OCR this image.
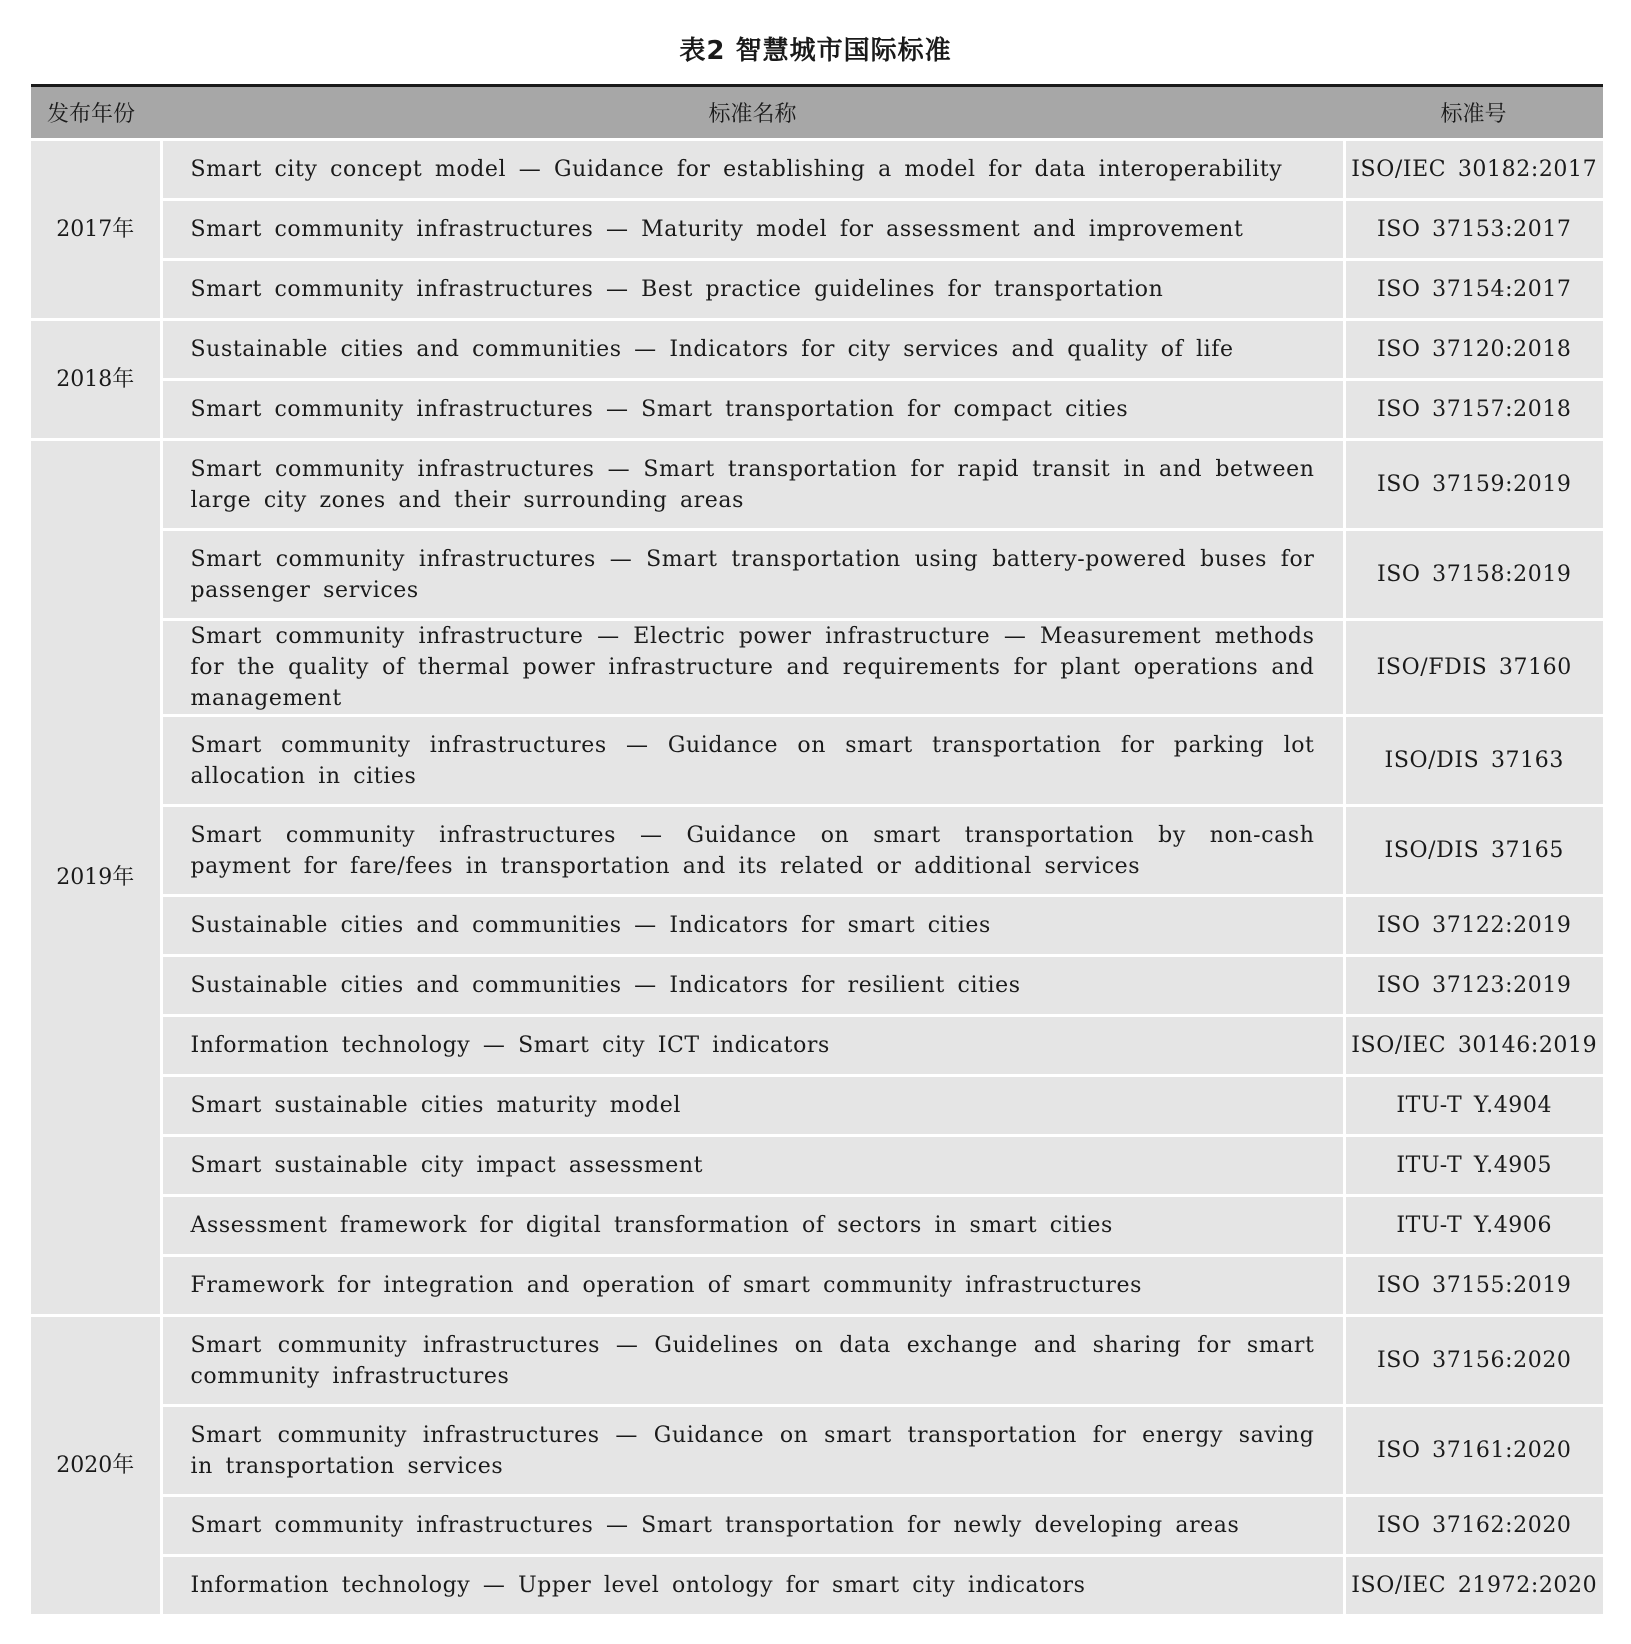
表2 智慧城市国际标准
发布年份	标准名称	标准号
2017年	Smart city concept model — Guidance for establishing a model for data interoperability	ISO/IEC 30182:2017
	Smart community infrastructures — Maturity model for assessment and improvement	ISO 37153:2017
	Smart community infrastructures — Best practice guidelines for transportation	ISO 37154:2017
2018年	Sustainable cities and communities — Indicators for city services and quality of life	ISO 37120:2018
	Smart community infrastructures — Smart transportation for compact cities	ISO 37157:2018
2019年	Smart community infrastructures — Smart transportation for rapid transit in and between large city zones and their surrounding areas	ISO 37159:2019
	Smart community infrastructures — Smart transportation using battery-powered buses for passenger services	ISO 37158:2019
	Smart community infrastructure — Electric power infrastructure — Measurement methods for the quality of thermal power infrastructure and requirements for plant operations and management	ISO/FDIS 37160
	Smart community infrastructures — Guidance on smart transportation for parking lot allocation in cities	ISO/DIS 37163
	Smart community infrastructures — Guidance on smart transportation by non-cash payment for fare/fees in transportation and its related or additional services	ISO/DIS 37165
	Sustainable cities and communities — Indicators for smart cities	ISO 37122:2019
	Sustainable cities and communities — Indicators for resilient cities	ISO 37123:2019
	Information technology — Smart city ICT indicators	ISO/IEC 30146:2019
	Smart sustainable cities maturity model	ITU-T Y.4904
	Smart sustainable city impact assessment	ITU-T Y.4905
	Assessment framework for digital transformation of sectors in smart cities	ITU-T Y.4906
	Framework for integration and operation of smart community infrastructures	ISO 37155:2019
2020年	Smart community infrastructures — Guidelines on data exchange and sharing for smart community infrastructures	ISO 37156:2020
	Smart community infrastructures — Guidance on smart transportation for energy saving in transportation services	ISO 37161:2020
	Smart community infrastructures — Smart transportation for newly developing areas	ISO 37162:2020
	Information technology — Upper level ontology for smart city indicators	ISO/IEC 21972:2020
